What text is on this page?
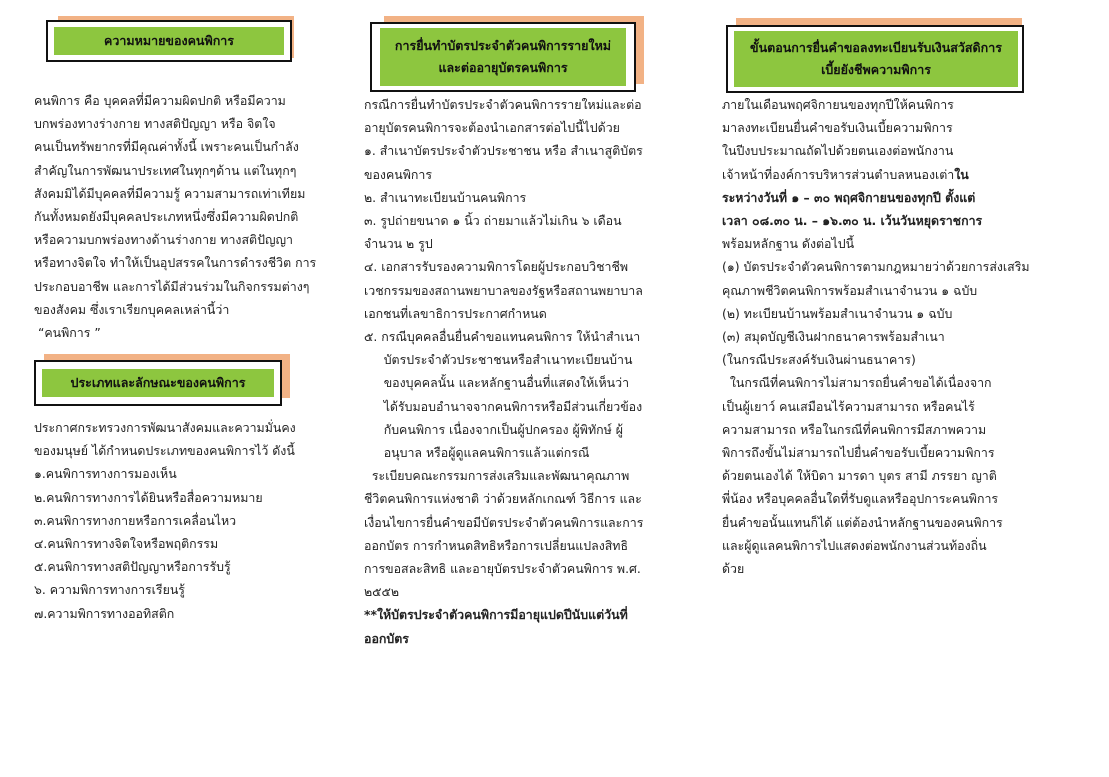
ความหมายของคนพิการ
คนพิการ คือ บุคคลที่มีความผิดปกติ หรือมีความ
บกพร่องทางร่างกาย ทางสติปัญญา หรือ จิตใจ
คนเป็นทรัพยากรที่มีคุณค่าทั้งนี้ เพราะคนเป็นกำลัง
สำคัญในการพัฒนาประเทศในทุกๆด้าน แต่ในทุกๆ
สังคมมิได้มีบุคคลที่มีความรู้ ความสามารถเท่าเทียม
กันทั้งหมดยังมีบุคคลประเภทหนึ่งซึ่งมีความผิดปกติ
หรือความบกพร่องทางด้านร่างกาย ทางสติปัญญา
หรือทางจิตใจ ทำให้เป็นอุปสรรคในการดำรงชีวิต การ
ประกอบอาชีพ และการได้มีส่วนร่วมในกิจกรรมต่างๆ
ของสังคม ซึ่งเราเรียกบุคคลเหล่านี้ว่า
“คนพิการ ”
ประเภทและลักษณะของคนพิการ
ประกาศกระทรวงการพัฒนาสังคมและความมั่นคง
ของมนุษย์ ได้กำหนดประเภทของคนพิการไว้ ดังนี้
๑.คนพิการทางการมองเห็น
๒.คนพิการทางการได้ยินหรือสื่อความหมาย
๓.คนพิการทางกายหรือการเคลื่อนไหว
๔.คนพิการทางจิตใจหรือพฤติกรรม
๕.คนพิการทางสติปัญญาหรือการรับรู้
๖. ความพิการทางการเรียนรู้
๗.ความพิการทางออทิสติก
การยื่นทำบัตรประจำตัวคนพิการรายใหม่
และต่ออายุบัตรคนพิการ
กรณีการยื่นทำบัตรประจำตัวคนพิการรายใหม่และต่อ
อายุบัตรคนพิการจะต้องนำเอกสารต่อไปนี้ไปด้วย
๑. สำเนาบัตรประจำตัวประชาชน หรือ สำเนาสูติบัตร
ของคนพิการ
๒. สำเนาทะเบียนบ้านคนพิการ
๓. รูปถ่ายขนาด ๑ นิ้ว ถ่ายมาแล้วไม่เกิน ๖ เดือน
จำนวน ๒ รูป
๔. เอกสารรับรองความพิการโดยผู้ประกอบวิชาชีพ
เวชกรรมของสถานพยาบาลของรัฐหรือสถานพยาบาล
เอกชนที่เลขาธิการประกาศกำหนด
๕. กรณีบุคคลอื่นยื่นคำขอแทนคนพิการ ให้นำสำเนา
บัตรประจำตัวประชาชนหรือสำเนาทะเบียนบ้าน
ของบุคคลนั้น และหลักฐานอื่นที่แสดงให้เห็นว่า
ได้รับมอบอำนาจจากคนพิการหรือมีส่วนเกี่ยวข้อง
กับคนพิการ เนื่องจากเป็นผู้ปกครอง ผู้พิทักษ์ ผู้
อนุบาล หรือผู้ดูแลคนพิการแล้วแต่กรณี
ระเบียบคณะกรรมการส่งเสริมและพัฒนาคุณภาพ
ชีวิตคนพิการแห่งชาติ ว่าด้วยหลักเกณฑ์ วิธีการ และ
เงื่อนไขการยื่นคำขอมีบัตรประจำตัวคนพิการและการ
ออกบัตร การกำหนดสิทธิหรือการเปลี่ยนแปลงสิทธิ
การขอสละสิทธิ และอายุบัตรประจำตัวคนพิการ พ.ศ.
๒๕๕๒
**ให้บัตรประจำตัวคนพิการมีอายุแปดปีนับแต่วันที่
ออกบัตร
ขั้นตอนการยื่นคำขอลงทะเบียนรับเงินสวัสดิการ
เบี้ยยังชีพความพิการ
ภายในเดือนพฤศจิกายนของทุกปีให้คนพิการ
มาลงทะเบียนยื่นคำขอรับเงินเบี้ยความพิการ
ในปีงบประมาณถัดไปด้วยตนเองต่อพนักงาน
เจ้าหน้าที่องค์การบริหารส่วนตำบลหนองเต่าใน
ระหว่างวันที่ ๑ – ๓๐ พฤศจิกายนของทุกปี ตั้งแต่
เวลา ๐๘.๓๐ น. – ๑๖.๓๐ น. เว้นวันหยุดราชการ
พร้อมหลักฐาน ดังต่อไปนี้
(๑) บัตรประจำตัวคนพิการตามกฎหมายว่าด้วยการส่งเสริม
คุณภาพชีวิตคนพิการพร้อมสำเนาจำนวน ๑ ฉบับ
(๒) ทะเบียนบ้านพร้อมสำเนาจำนวน ๑ ฉบับ
(๓) สมุดบัญชีเงินฝากธนาคารพร้อมสำเนา
(ในกรณีประสงค์รับเงินผ่านธนาคาร)
ในกรณีที่คนพิการไม่สามารถยื่นคำขอได้เนื่องจาก
เป็นผู้เยาว์ คนเสมือนไร้ความสามารถ หรือคนไร้
ความสามารถ หรือในกรณีที่คนพิการมีสภาพความ
พิการถึงขั้นไม่สามารถไปยื่นคำขอรับเบี้ยความพิการ
ด้วยตนเองได้ ให้บิดา มารดา บุตร สามี ภรรยา ญาติ
พี่น้อง หรือบุคคลอื่นใดที่รับดูแลหรืออุปการะคนพิการ
ยื่นคำขอนั้นแทนก็ได้ แต่ต้องนำหลักฐานของคนพิการ
และผู้ดูแลคนพิการไปแสดงต่อพนักงานส่วนท้องถิ่น
ด้วย
